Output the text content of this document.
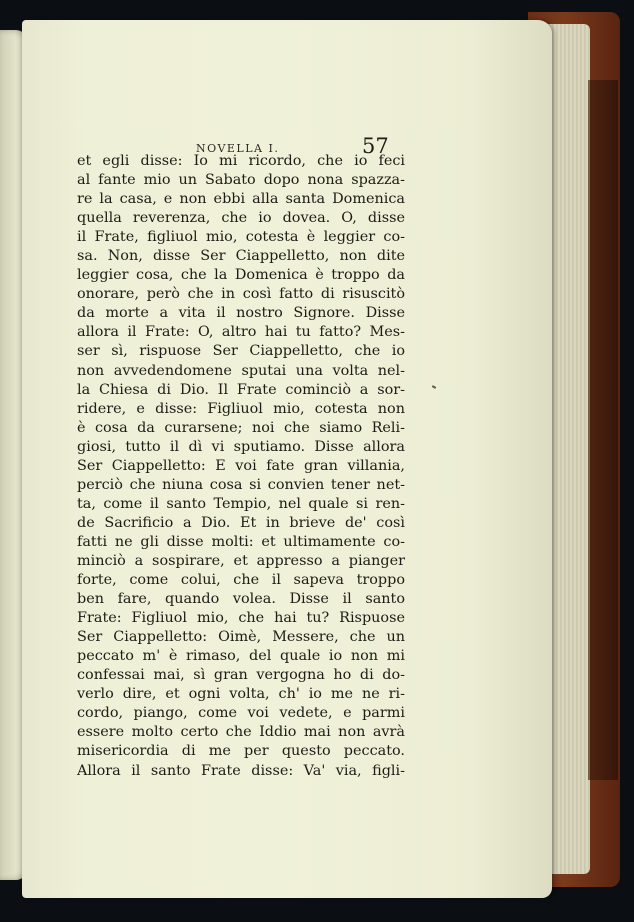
NOVELLA I.	57
et egli disse: Io mi ricordo, che io feci
al fante mio un Sabato dopo nona spazza-
re la casa, e non ebbi alla santa Domenica
quella reverenza, che io dovea. O, disse
il Frate, figliuol mio, cotesta è leggier co-
sa. Non, disse Ser Ciappelletto, non dite
leggier cosa, che la Domenica è troppo da
onorare, però che in così fatto di risuscitò
da morte a vita il nostro Signore. Disse
allora il Frate: O, altro hai tu fatto? Mes-
ser sì, rispuose Ser Ciappelletto, che io
non avvedendomene sputai una volta nel-
la Chiesa di Dio. Il Frate cominciò a sor-
ridere, e disse: Figliuol mio, cotesta non
è cosa da curarsene; noi che siamo Reli-
giosi, tutto il dì vi sputiamo. Disse allora
Ser Ciappelletto: E voi fate gran villania,
perciò che niuna cosa si convien tener net-
ta, come il santo Tempio, nel quale si ren-
de Sacrificio a Dio. Et in brieve de' così
fatti ne gli disse molti: et ultimamente co-
minciò a sospirare, et appresso a pianger
forte, come colui, che il sapeva troppo
ben fare, quando volea. Disse il santo
Frate: Figliuol mio, che hai tu? Rispuose
Ser Ciappelletto: Oimè, Messere, che un
peccato m' è rimaso, del quale io non mi
confessai mai, sì gran vergogna ho di do-
verlo dire, et ogni volta, ch' io me ne ri-
cordo, piango, come voi vedete, e parmi
essere molto certo che Iddio mai non avrà
misericordia di me per questo peccato.
Allora il santo Frate disse: Va' via, figli-
